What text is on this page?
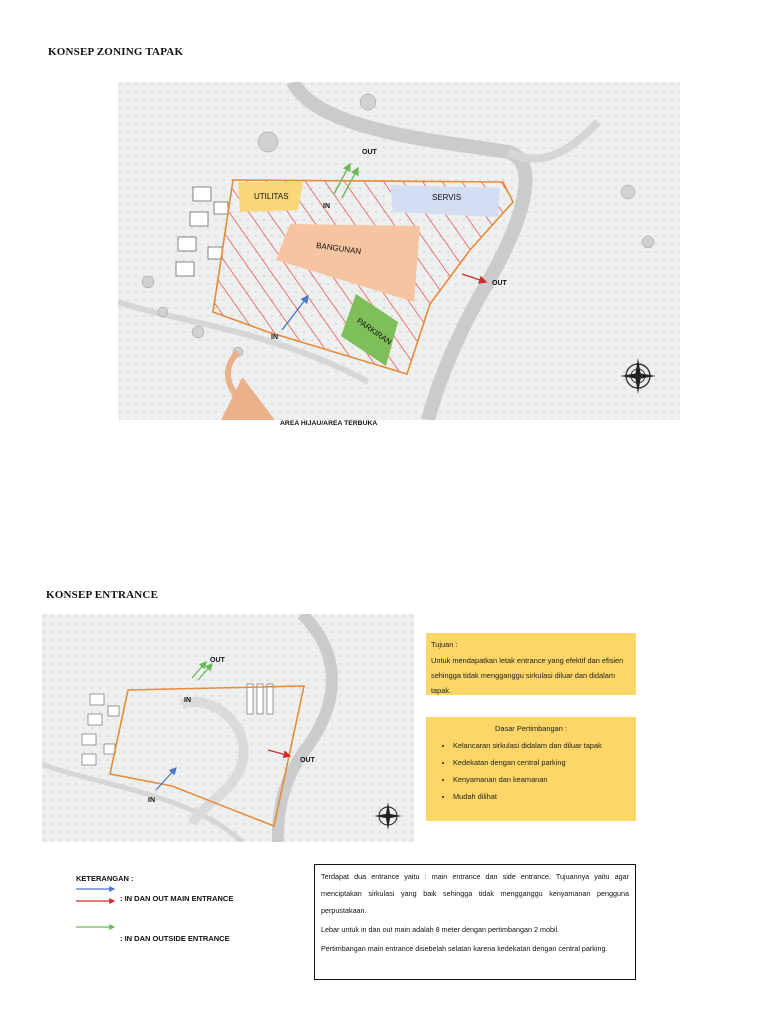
KONSEP ZONING TAPAK
UTILITAS	SERVIS
BANGUNAN
PARKIRAN
OUT
IN
OUT
IN
AREA HIJAU/AREA TERBUKA
KONSEP ENTRANCE
OUT
IN
OUT
IN

Tujuan :

Untuk mendapatkan letak entrance yang efektif dan efisien sehingga tidak mengganggu sirkulasi diluar dan didalam tapak.

Dasar Pertimbangan :

• Kelancaran sirkulasi didalam dan diluar tapak
• Kedekatan dengan central parking
• Kenyamanan dan keamanan
• Mudah dilihat
KETERANGAN :
: IN DAN OUT MAIN ENTRANCE
: IN DAN OUTSIDE ENTRANCE

Terdapat dua entrance yaitu : main entrance dan side entrance. Tujuannya yaitu agar menciptakan sirkulasi yang baik sehingga tidak mengganggu kenyamanan pengguna perpustakaan.

Lebar untuk in dan out main adalah 8 meter dengan pertimbangan 2 mobil.

Pertimbangan main entrance disebelah selatan karena kedekatan dengan central parking.
